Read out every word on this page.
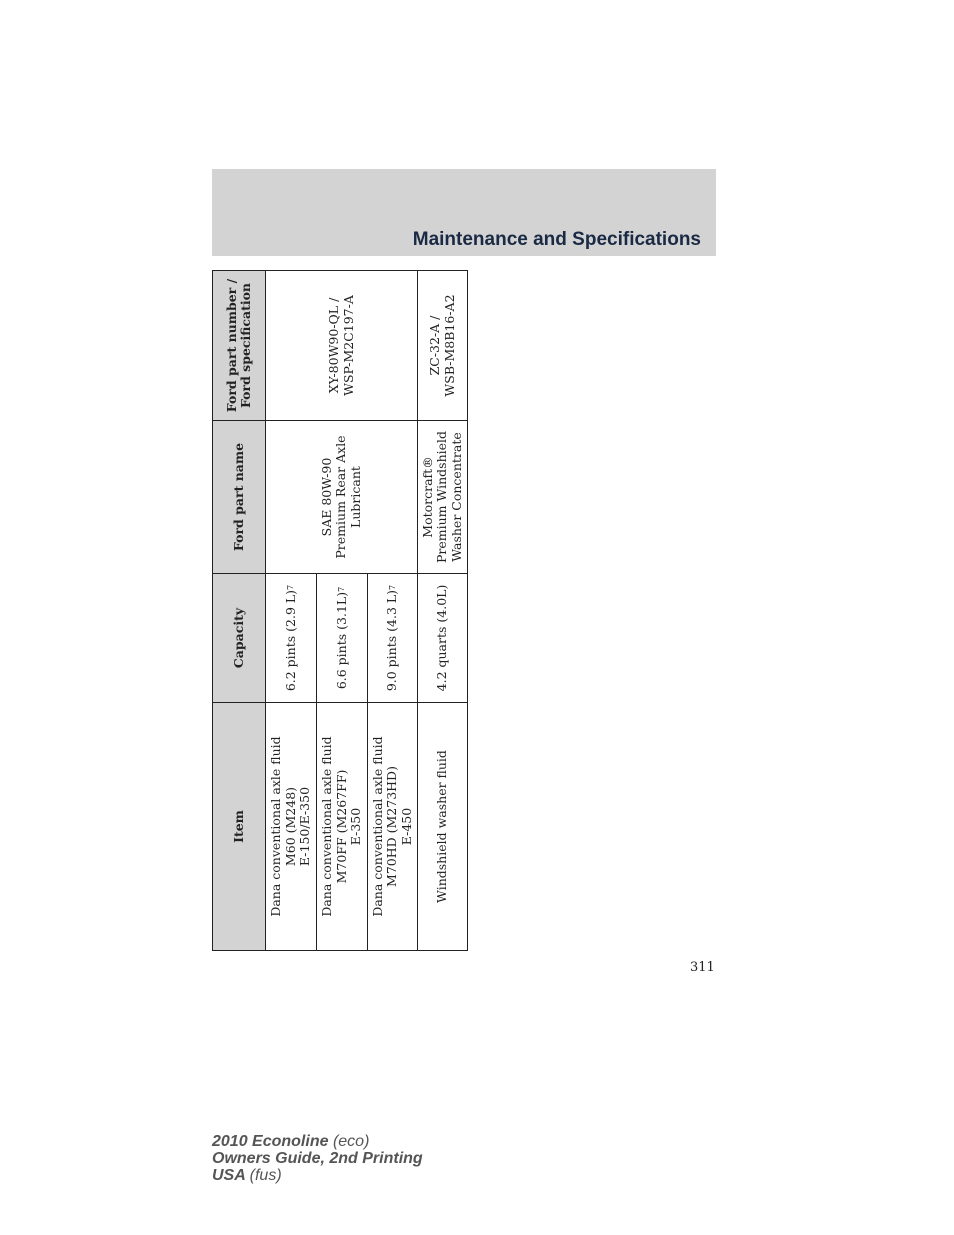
Maintenance and Specifications
Item
Capacity
Ford part name
Ford part number / Ford specification
Dana conventional axle fluid
M60 (M248)
E-150/E-350
6.2 pints (2.9 L)
7
Dana conventional axle fluid
M70FF (M267FF)
E-350
6.6 pints (3.1L)
7
Dana conventional axle fluid
M70HD (M273HD)
E-450
9.0 pints (4.3 L)
7
SAE 80W-90
Premium Rear Axle
Lubricant
XY-80W90-QL /
WSP-M2C197-A
Windshield washer fluid
4.2 quarts (4.0L)
Motorcraft®
Premium Windshield
Washer Concentrate
ZC-32-A /
WSB-M8B16-A2
311
2010 Econoline (eco)
Owners Guide, 2nd Printing
USA (fus)
